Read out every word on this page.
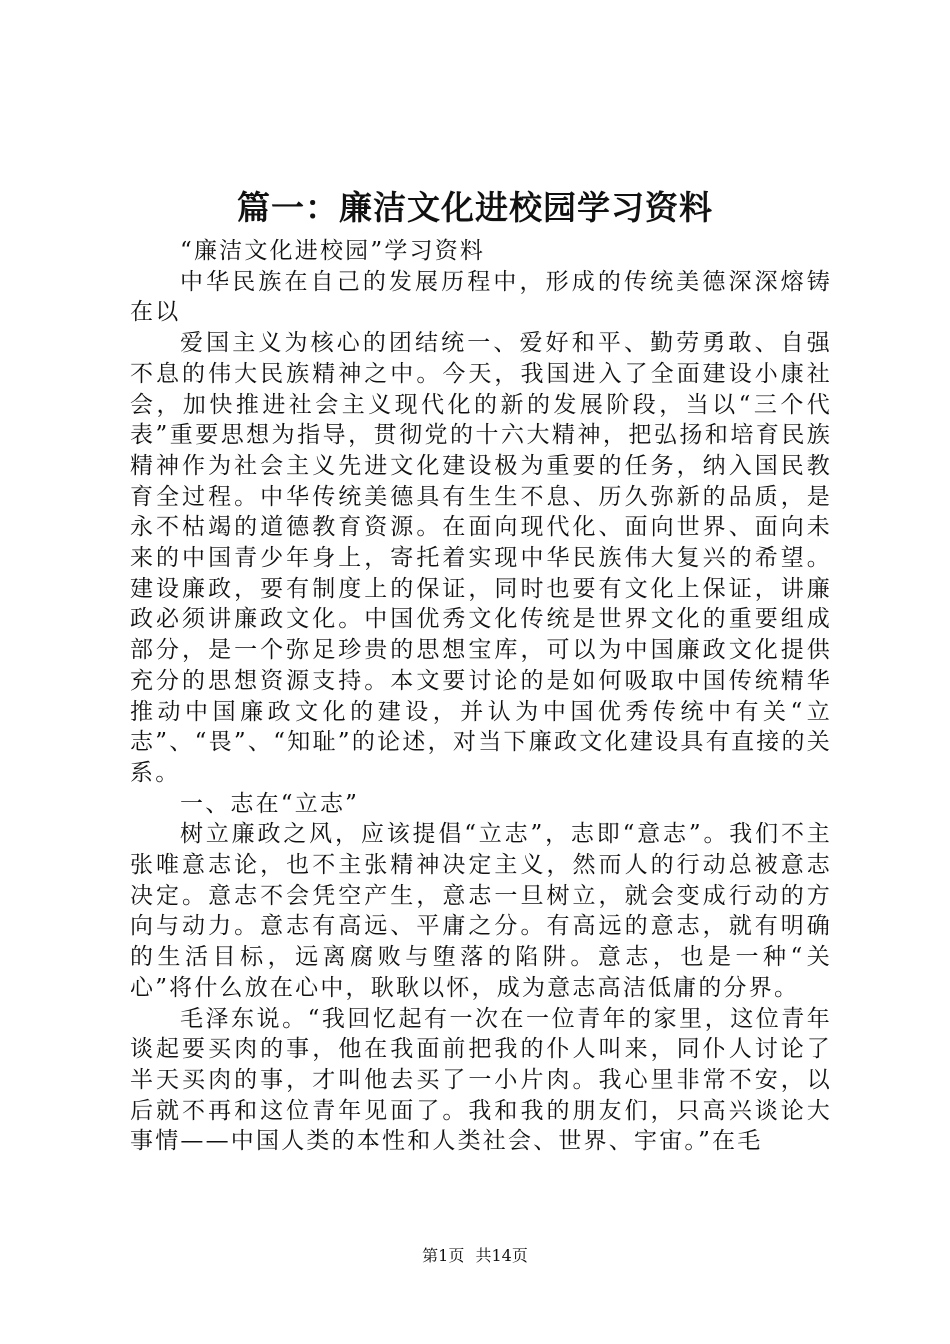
篇一：廉洁文化进校园学习资料

“廉洁文化进校园”学习资料

中华民族在自己的发展历程中，形成的传统美德深深熔铸在以

爱国主义为核心的团结统一、爱好和平、勤劳勇敢、自强不息的伟大民族精神之中。今天，我国进入了全面建设小康社会，加快推进社会主义现代化的新的发展阶段，当以“三个代表”重要思想为指导，贯彻党的十六大精神，把弘扬和培育民族精神作为社会主义先进文化建设极为重要的任务，纳入国民教育全过程。中华传统美德具有生生不息、历久弥新的品质，是永不枯竭的道德教育资源。在面向现代化、面向世界、面向未来的中国青少年身上，寄托着实现中华民族伟大复兴的希望。建设廉政，要有制度上的保证，同时也要有文化上保证，讲廉政必须讲廉政文化。中国优秀文化传统是世界文化的重要组成部分，是一个弥足珍贵的思想宝库，可以为中国廉政文化提供充分的思想资源支持。本文要讨论的是如何吸取中国传统精华推动中国廉政文化的建设，并认为中国优秀传统中有关“立志”、“畏”、“知耻”的论述，对当下廉政文化建设具有直接的关系。

一、志在“立志”

树立廉政之风，应该提倡“立志”，志即“意志”。我们不主张唯意志论，也不主张精神决定主义，然而人的行动总被意志决定。意志不会凭空产生，意志一旦树立，就会变成行动的方向与动力。意志有高远、平庸之分。有高远的意志，就有明确的生活目标，远离腐败与堕落的陷阱。意志，也是一种“关心”将什么放在心中，耿耿以怀，成为意志高洁低庸的分界。

毛泽东说。“我回忆起有一次在一位青年的家里，这位青年谈起要买肉的事，他在我面前把我的仆人叫来，同仆人讨论了半天买肉的事，才叫他去买了一小片肉。我心里非常不安，以后就不再和这位青年见面了。我和我的朋友们，只高兴谈论大事情——中国人类的本性和人类社会、世界、宇宙。”在毛

第1页 共14页
